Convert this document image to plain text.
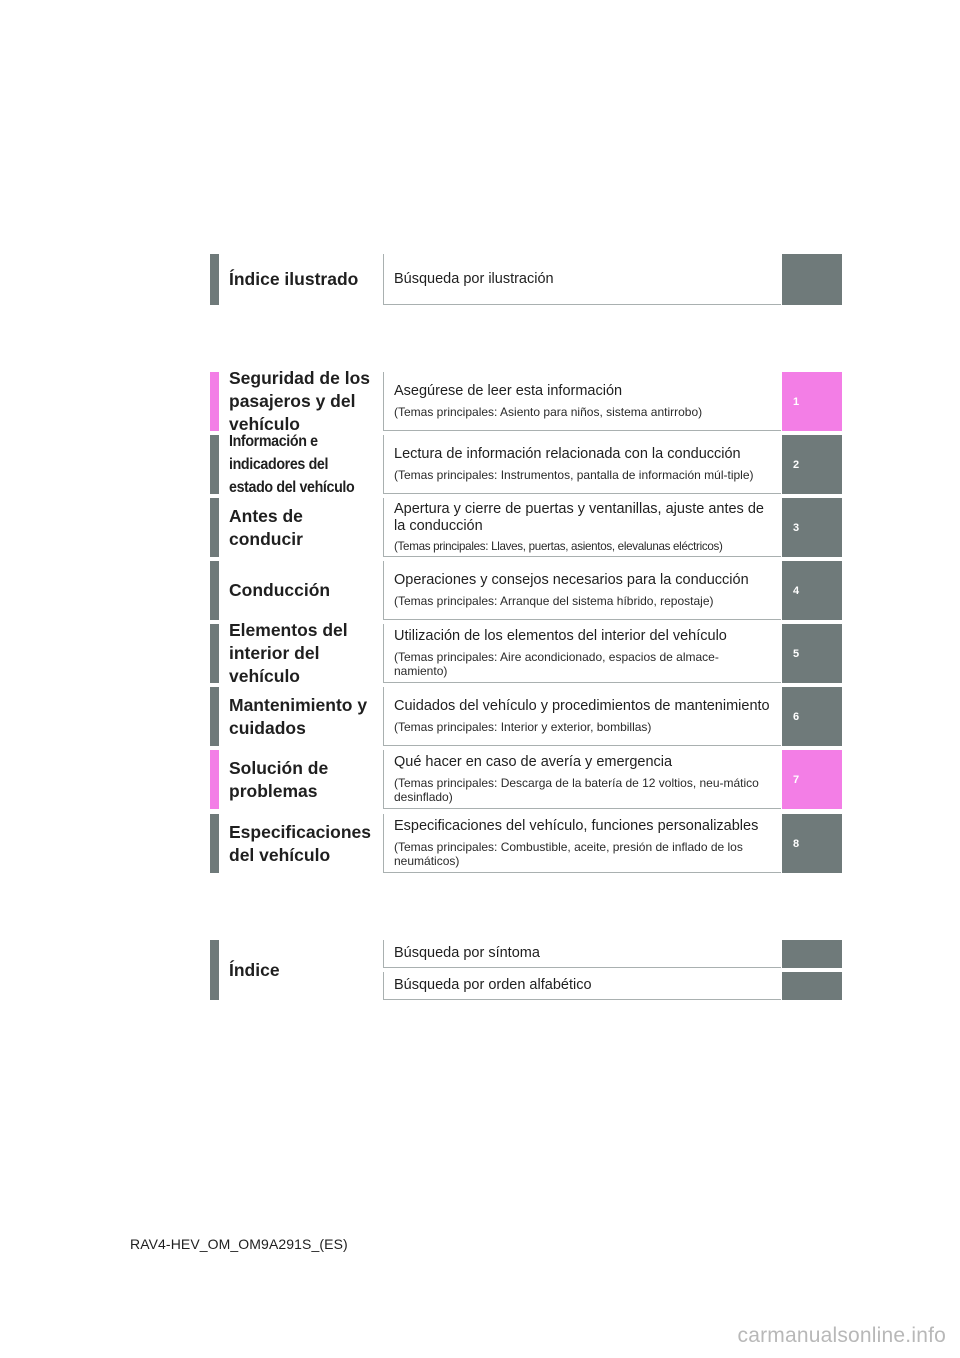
Índice ilustrado	Búsqueda por ilustración
Seguridad de los pasajeros y del vehículo
Asegúrese de leer esta información
(Temas principales: Asiento para niños, sistema antirrobo)
1
Información e indicadores del estado del vehículo
Lectura de información relacionada con la conducción
(Temas principales: Instrumentos, pantalla de información múl-tiple)
2
Antes de conducir
Apertura y cierre de puertas y ventanillas, ajuste antes de la conducción
(Temas principales: Llaves, puertas, asientos, elevalunas eléctricos)
3
Conducción	Operaciones y consejos necesarios para la conducción
(Temas principales: Arranque del sistema híbrido, repostaje)
4
Elementos del interior del vehículo
Utilización de los elementos del interior del vehículo
(Temas principales: Aire acondicionado, espacios de almace-namiento)
5
Mantenimiento y cuidados
Cuidados del vehículo y procedimientos de mantenimiento
(Temas principales: Interior y exterior, bombillas)
6
Solución de problemas
Qué hacer en caso de avería y emergencia
(Temas principales: Descarga de la batería de 12 voltios, neu-mático desinflado)
7
Especificaciones del vehículo
Especificaciones del vehículo, funciones personalizables
(Temas principales: Combustible, aceite, presión de inflado de los neumáticos)
8
Índice
Búsqueda por síntoma
Búsqueda por orden alfabético
RAV4-HEV_OM_OM9A291S_(ES)
carmanualsonline.info
